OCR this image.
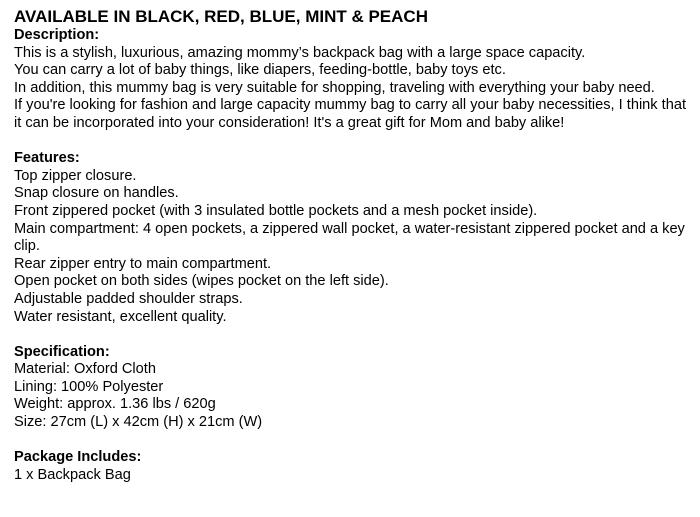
AVAILABLE IN BLACK, RED, BLUE, MINT & PEACH

Description:

This is a stylish, luxurious, amazing mommy’s backpack bag with a large space capacity.

You can carry a lot of baby things, like diapers, feeding-bottle, baby toys etc.

In addition, this mummy bag is very suitable for shopping, traveling with everything your baby need.

If you're looking for fashion and large capacity mummy bag to carry all your baby necessities, I think that it can be incorporated into your consideration! It's a great gift for Mom and baby alike!

Features:

Top zipper closure.

Snap closure on handles.

Front zippered pocket (with 3 insulated bottle pockets and a mesh pocket inside).

Main compartment: 4 open pockets, a zippered wall pocket, a water-resistant zippered pocket and a key clip.

Rear zipper entry to main compartment.

Open pocket on both sides (wipes pocket on the left side).

Adjustable padded shoulder straps.

Water resistant, excellent quality.

Specification:

Material: Oxford Cloth

Lining: 100% Polyester

Weight: approx. 1.36 lbs / 620g

Size: 27cm (L) x 42cm (H) x 21cm (W)

Package Includes:

1 x Backpack Bag
